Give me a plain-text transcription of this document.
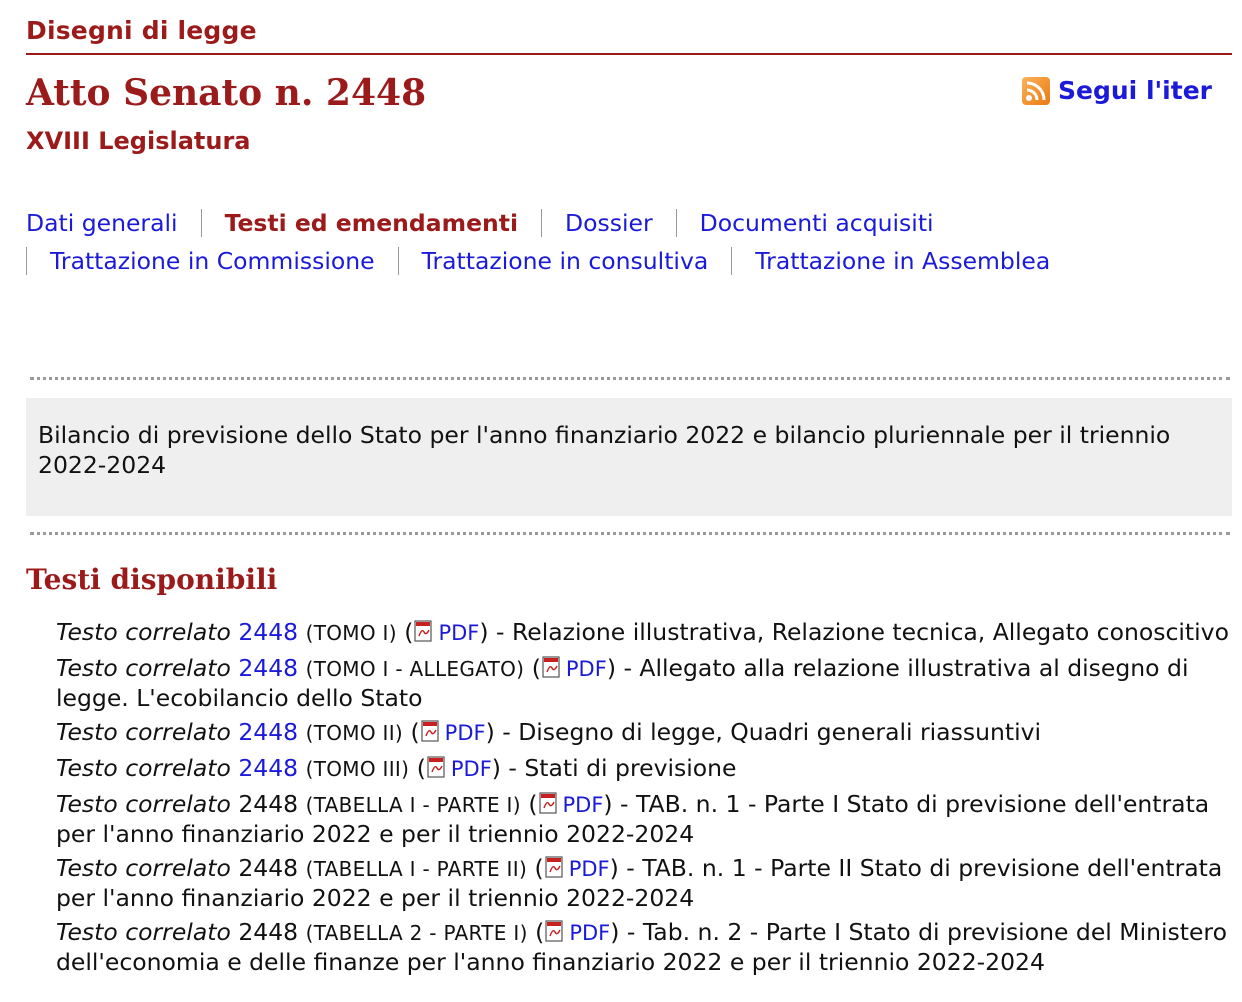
Disegni di legge
Atto Senato n. 2448
XVIII Legislatura
Segui l'iter
Dati generali Testi ed emendamenti Dossier Documenti acquisiti
Trattazione in Commissione Trattazione in consultiva Trattazione in Assemblea
Bilancio di previsione dello Stato per l'anno finanziario 2022 e bilancio pluriennale per il triennio 2022-2024
Testi disponibili
Testo correlato 2448 (TOMO I) ( PDF) - Relazione illustrativa, Relazione tecnica, Allegato conoscitivo
Testo correlato 2448 (TOMO I - ALLEGATO) ( PDF) - Allegato alla relazione illustrativa al disegno di legge. L'ecobilancio dello Stato
Testo correlato 2448 (TOMO II) ( PDF) - Disegno di legge, Quadri generali riassuntivi
Testo correlato 2448 (TOMO III) ( PDF) - Stati di previsione
Testo correlato 2448 (TABELLA I - PARTE I) ( PDF) - TAB. n. 1 - Parte I Stato di previsione dell'entrata per l'anno finanziario 2022 e per il triennio 2022-2024
Testo correlato 2448 (TABELLA I - PARTE II) ( PDF) - TAB. n. 1 - Parte II Stato di previsione dell'entrata per l'anno finanziario 2022 e per il triennio 2022-2024
Testo correlato 2448 (TABELLA 2 - PARTE I) ( PDF) - Tab. n. 2 - Parte I Stato di previsione del Ministero dell'economia e delle finanze per l'anno finanziario 2022 e per il triennio 2022-2024
